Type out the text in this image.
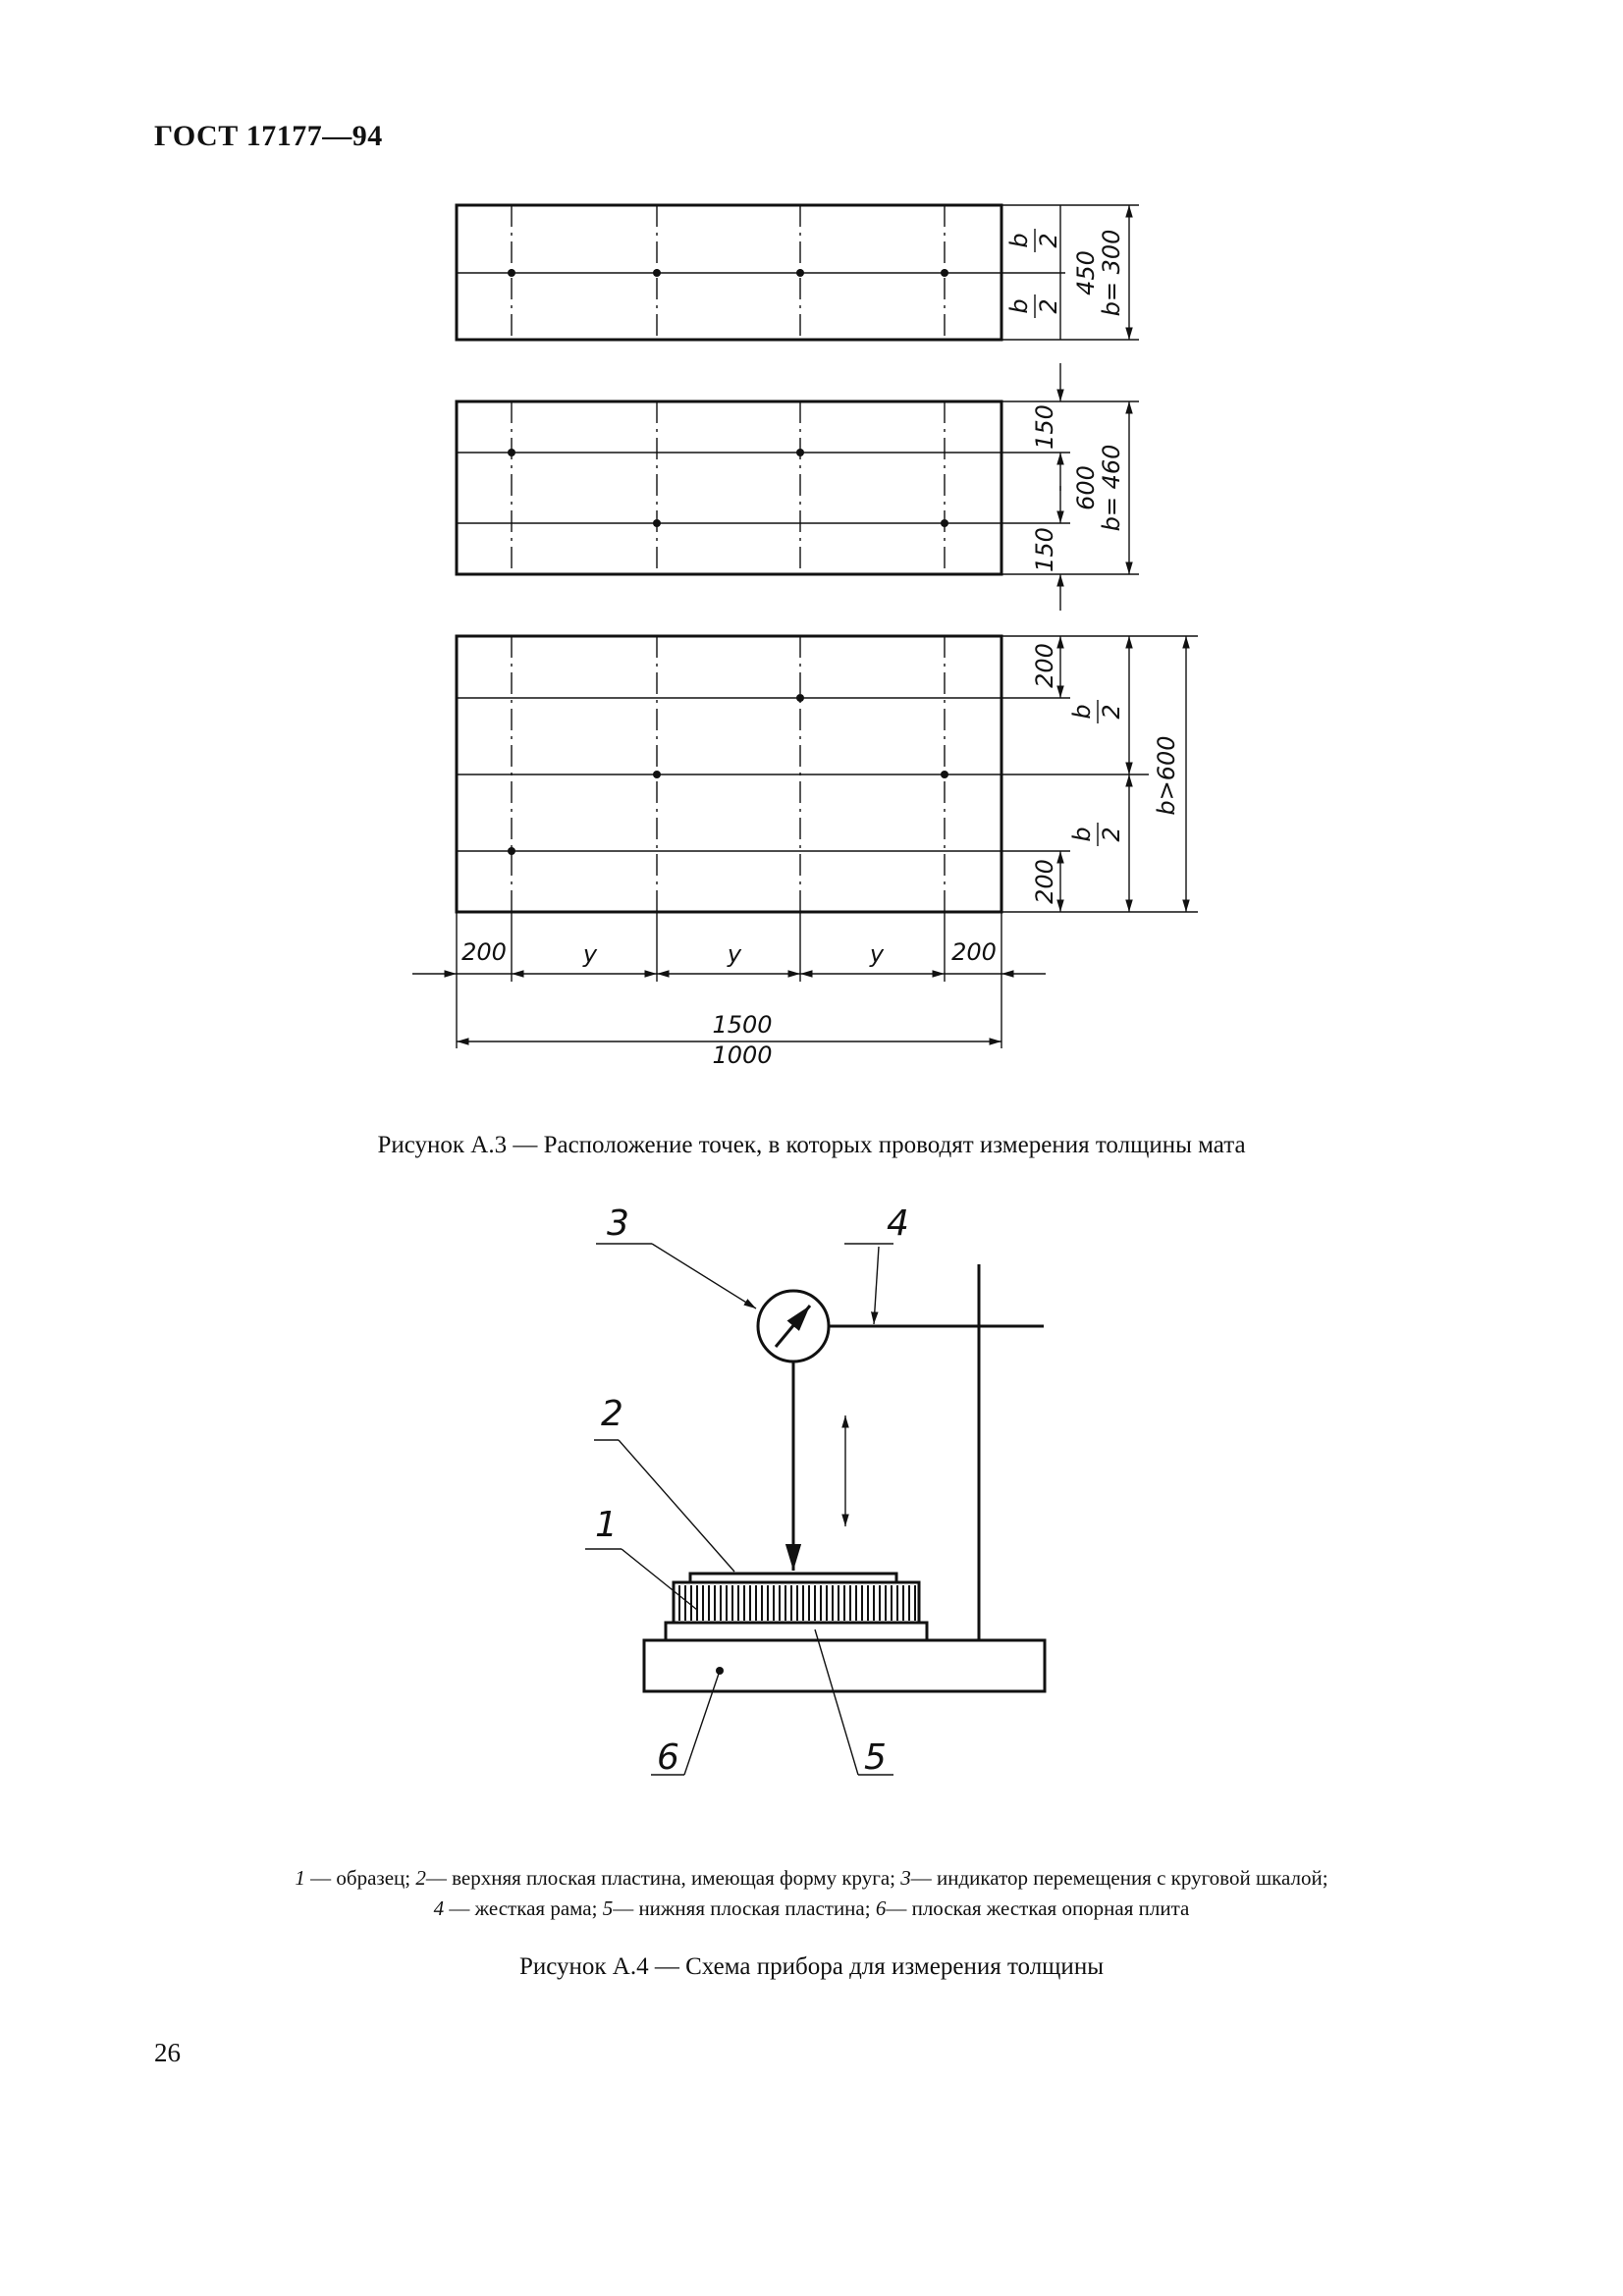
ГОСТ 17177—94
b 2
b 2
450
b= 300
150
150
600
b= 460
200
200
b 2
b 2
b>600
200	200
y	y	y
1500
1000
3	4
2
1
5
6
Рисунок А.3 — Расположение точек, в которых проводят измерения толщины мата
1 — образец; 2— верхняя плоская пластина, имеющая форму круга; 3— индикатор перемещения с круговой шкалой;
4 — жесткая рама; 5— нижняя плоская пластина; 6— плоская жесткая опорная плита
Рисунок А.4 — Схема прибора для измерения толщины
26
